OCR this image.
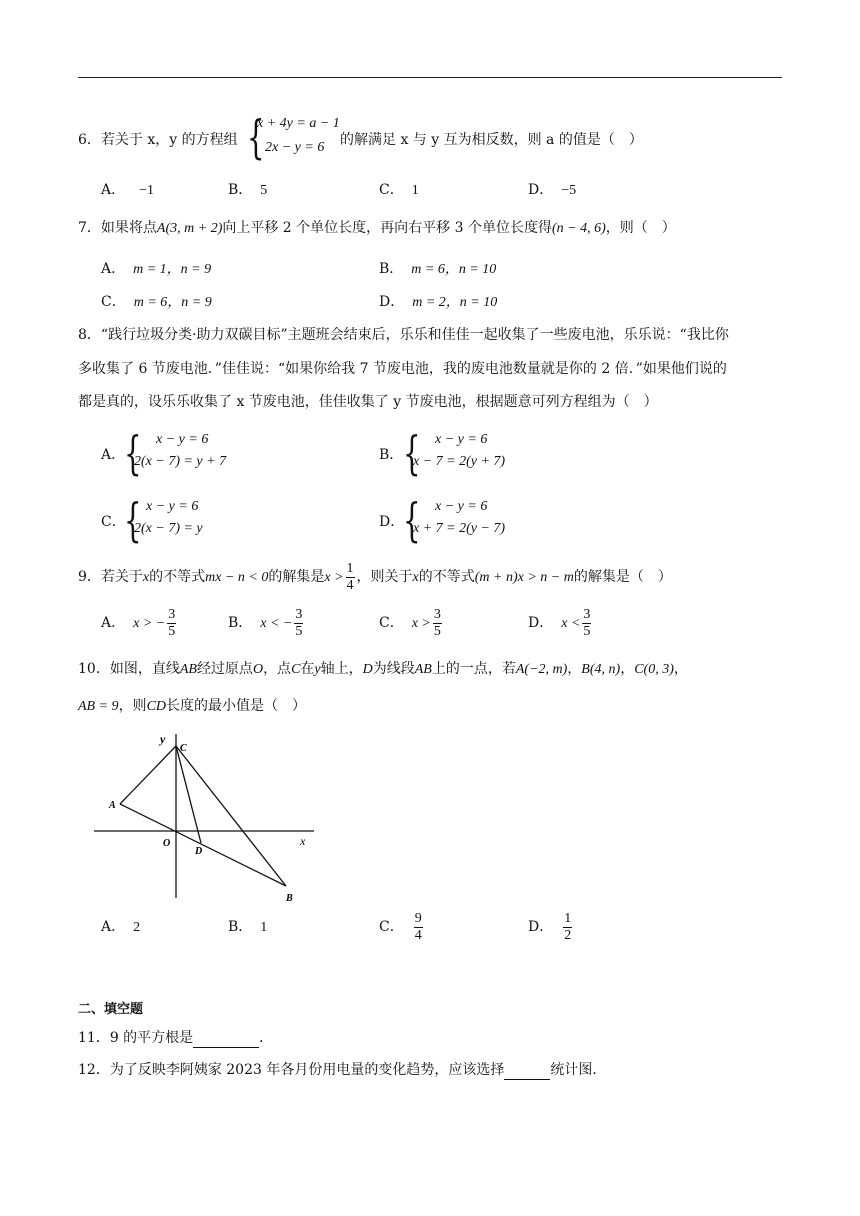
6．若关于 x，y 的方程组 {
x + 4y = a − 1
2x − y = 6 的解满足 x 与 y 互为相反数，则 a 的值是（　）
A． −1	B． 5	C． 1	D． −5
7．如果将点A(3, m + 2)向上平移 2 个单位长度，再向右平移 3 个单位长度得(n − 4, 6)，则（　）
A． m = 1，n = 9	B． m = 6，n = 10
C． m = 6，n = 9	D． m = 2，n = 10
8．“践行垃圾分类·助力双碳目标”主题班会结束后，乐乐和佳佳一起收集了一些废电池，乐乐说：“我比你
多收集了 6 节废电池．”佳佳说：“如果你给我 7 节废电池，我的废电池数量就是你的 2 倍．”如果他们说的
都是真的，设乐乐收集了 x 节废电池，佳佳收集了 y 节废电池，根据题意可列方程组为（　）
A．
{ x − y = 6
2(x − 7) = y + 7	B． { x − y = 6
x − 7 = 2(y + 7)
C．
{ x − y = 6
2(x − 7) = y	D．
{ x − y = 6
x + 7 = 2(y − 7)
9．若关于x的不等式mx − n < 0的解集是$x > \frac{1}{4}$ ，则关于x的不等式(m + n)x > n − m的解集是（　）
A． x > − $\frac{3}{5}$	B． x < − $\frac{3}{5}$	C． $x > \frac{3}{5}$	D． $x < \frac{3}{5}$
10．如图，直线AB经过原点O，点C在y轴上，D为线段AB上的一点，若A(−2, m)，B(4, n)，C(0, 3)，
AB = 9，则CD长度的最小值是（　）
y
C
A
O
D
x
B
A． 2	B． 1	C． $\frac{9}{4}$	D． $\frac{1}{2}$
二、填空题
11．9 的平方根是	．
12．为了反映李阿姨家 2023 年各月份用电量的变化趋势，应该选择	统计图．
